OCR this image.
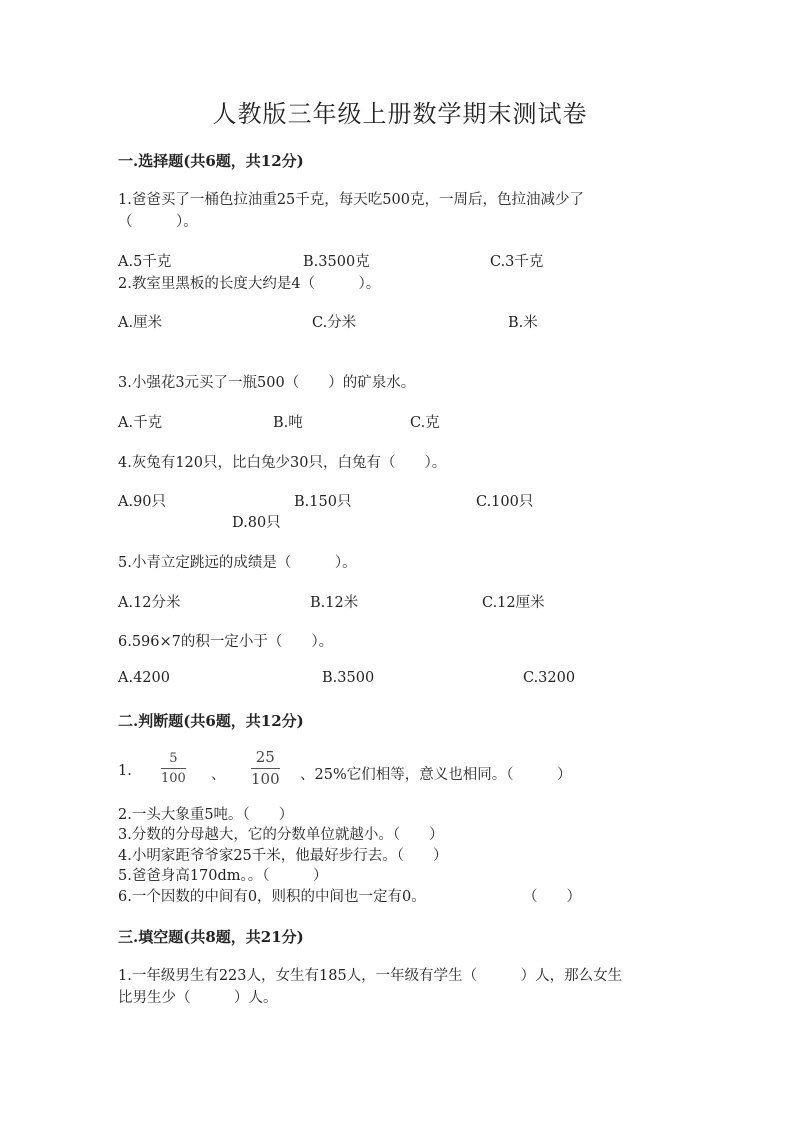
人教版三年级上册数学期末测试卷
一.选择题(共6题，共12分)
1.爸爸买了一桶色拉油重25千克，每天吃500克，一周后，色拉油减少了
（　　　）。
A.5千克	B.3500克	C.3千克
2.教室里黑板的长度大约是4（　　　）。
A.厘米	C.分米	B.米
3.小强花3元买了一瓶500（　　）的矿泉水。
A.千克	B.吨	C.克
4.灰兔有120只，比白兔少30只，白兔有（　　）。
A.90只	B.150只	C.100只
D.80只
5.小青立定跳远的成绩是（　　　）。
A.12分米	B.12米	C.12厘米
6.596×7的积一定小于（　　）。
A.4200	B.3500	C.3200
二.判断题(共6题，共12分)
1.
5
100 、
25
100 、25%它们相等，意义也相同。（　　　）
2.一头大象重5吨。（　　）
3.分数的分母越大，它的分数单位就越小。（　　）
4.小明家距爷爷家25千米，他最好步行去。（　　）
5.爸爸身高170dm。。（　　　）
6.一个因数的中间有0，则积的中间也一定有0。	（　　）
三.填空题(共8题，共21分)
1.一年级男生有223人，女生有185人，一年级有学生（　　　）人，那么女生
比男生少（　　　）人。
